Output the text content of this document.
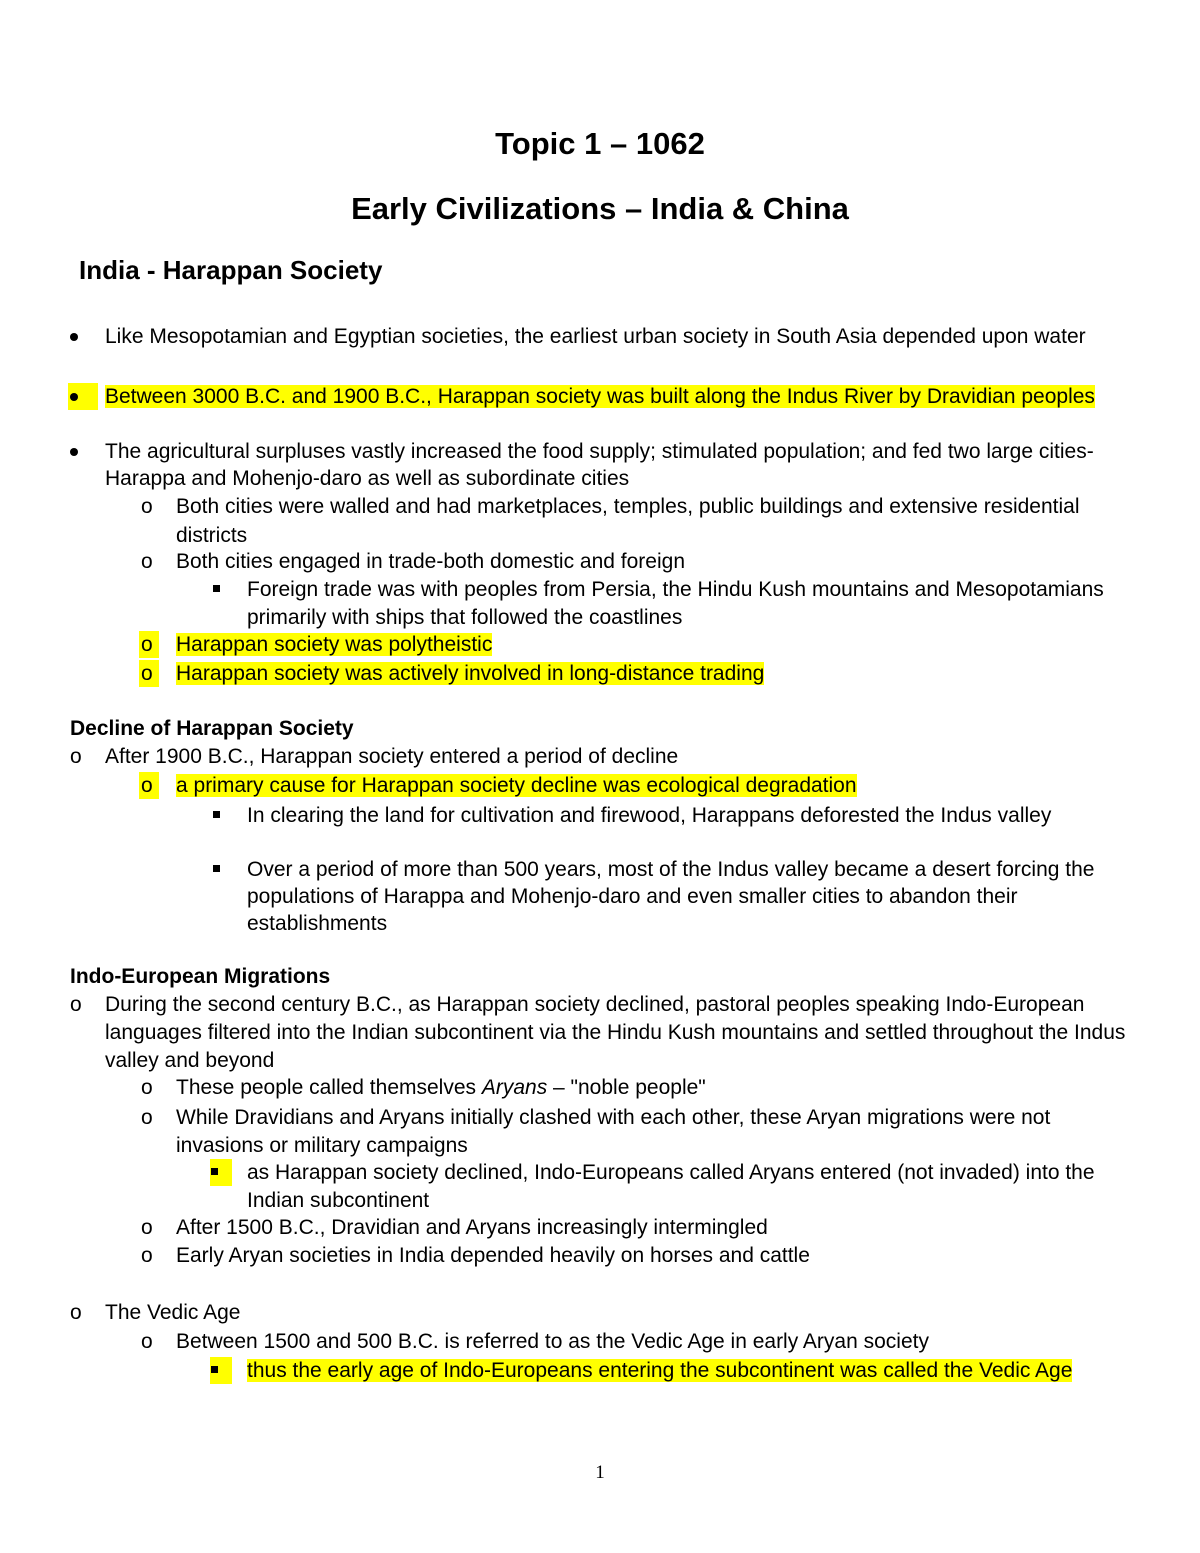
Topic 1 – 1062
Early Civilizations – India & China
India - Harappan Society
Like Mesopotamian and Egyptian societies, the earliest urban society in South Asia depended upon water
Between 3000 B.C. and 1900 B.C., Harappan society was built along the Indus River by Dravidian peoples
The agricultural surpluses vastly increased the food supply; stimulated population; and fed two large cities-Harappa and Mohenjo-daro as well as subordinate cities
o Both cities were walled and had marketplaces, temples, public buildings and extensive residential districts
o Both cities engaged in trade-both domestic and foreign
Foreign trade was with peoples from Persia, the Hindu Kush mountains and Mesopotamians primarily with ships that followed the coastlines
o Harappan society was polytheistic
o Harappan society was actively involved in long-distance trading
Decline of Harappan Society
o After 1900 B.C., Harappan society entered a period of decline
o a primary cause for Harappan society decline was ecological degradation
In clearing the land for cultivation and firewood, Harappans deforested the Indus valley
Over a period of more than 500 years, most of the Indus valley became a desert forcing the populations of Harappa and Mohenjo-daro and even smaller cities to abandon their establishments
Indo-European Migrations
o During the second century B.C., as Harappan society declined, pastoral peoples speaking Indo-European languages filtered into the Indian subcontinent via the Hindu Kush mountains and settled throughout the Indus valley and beyond
o These people called themselves Aryans – "noble people"
o While Dravidians and Aryans initially clashed with each other, these Aryan migrations were not invasions or military campaigns
as Harappan society declined, Indo-Europeans called Aryans entered (not invaded) into the Indian subcontinent
o After 1500 B.C., Dravidian and Aryans increasingly intermingled
o Early Aryan societies in India depended heavily on horses and cattle
o The Vedic Age
o Between 1500 and 500 B.C. is referred to as the Vedic Age in early Aryan society
thus the early age of Indo-Europeans entering the subcontinent was called the Vedic Age
1
